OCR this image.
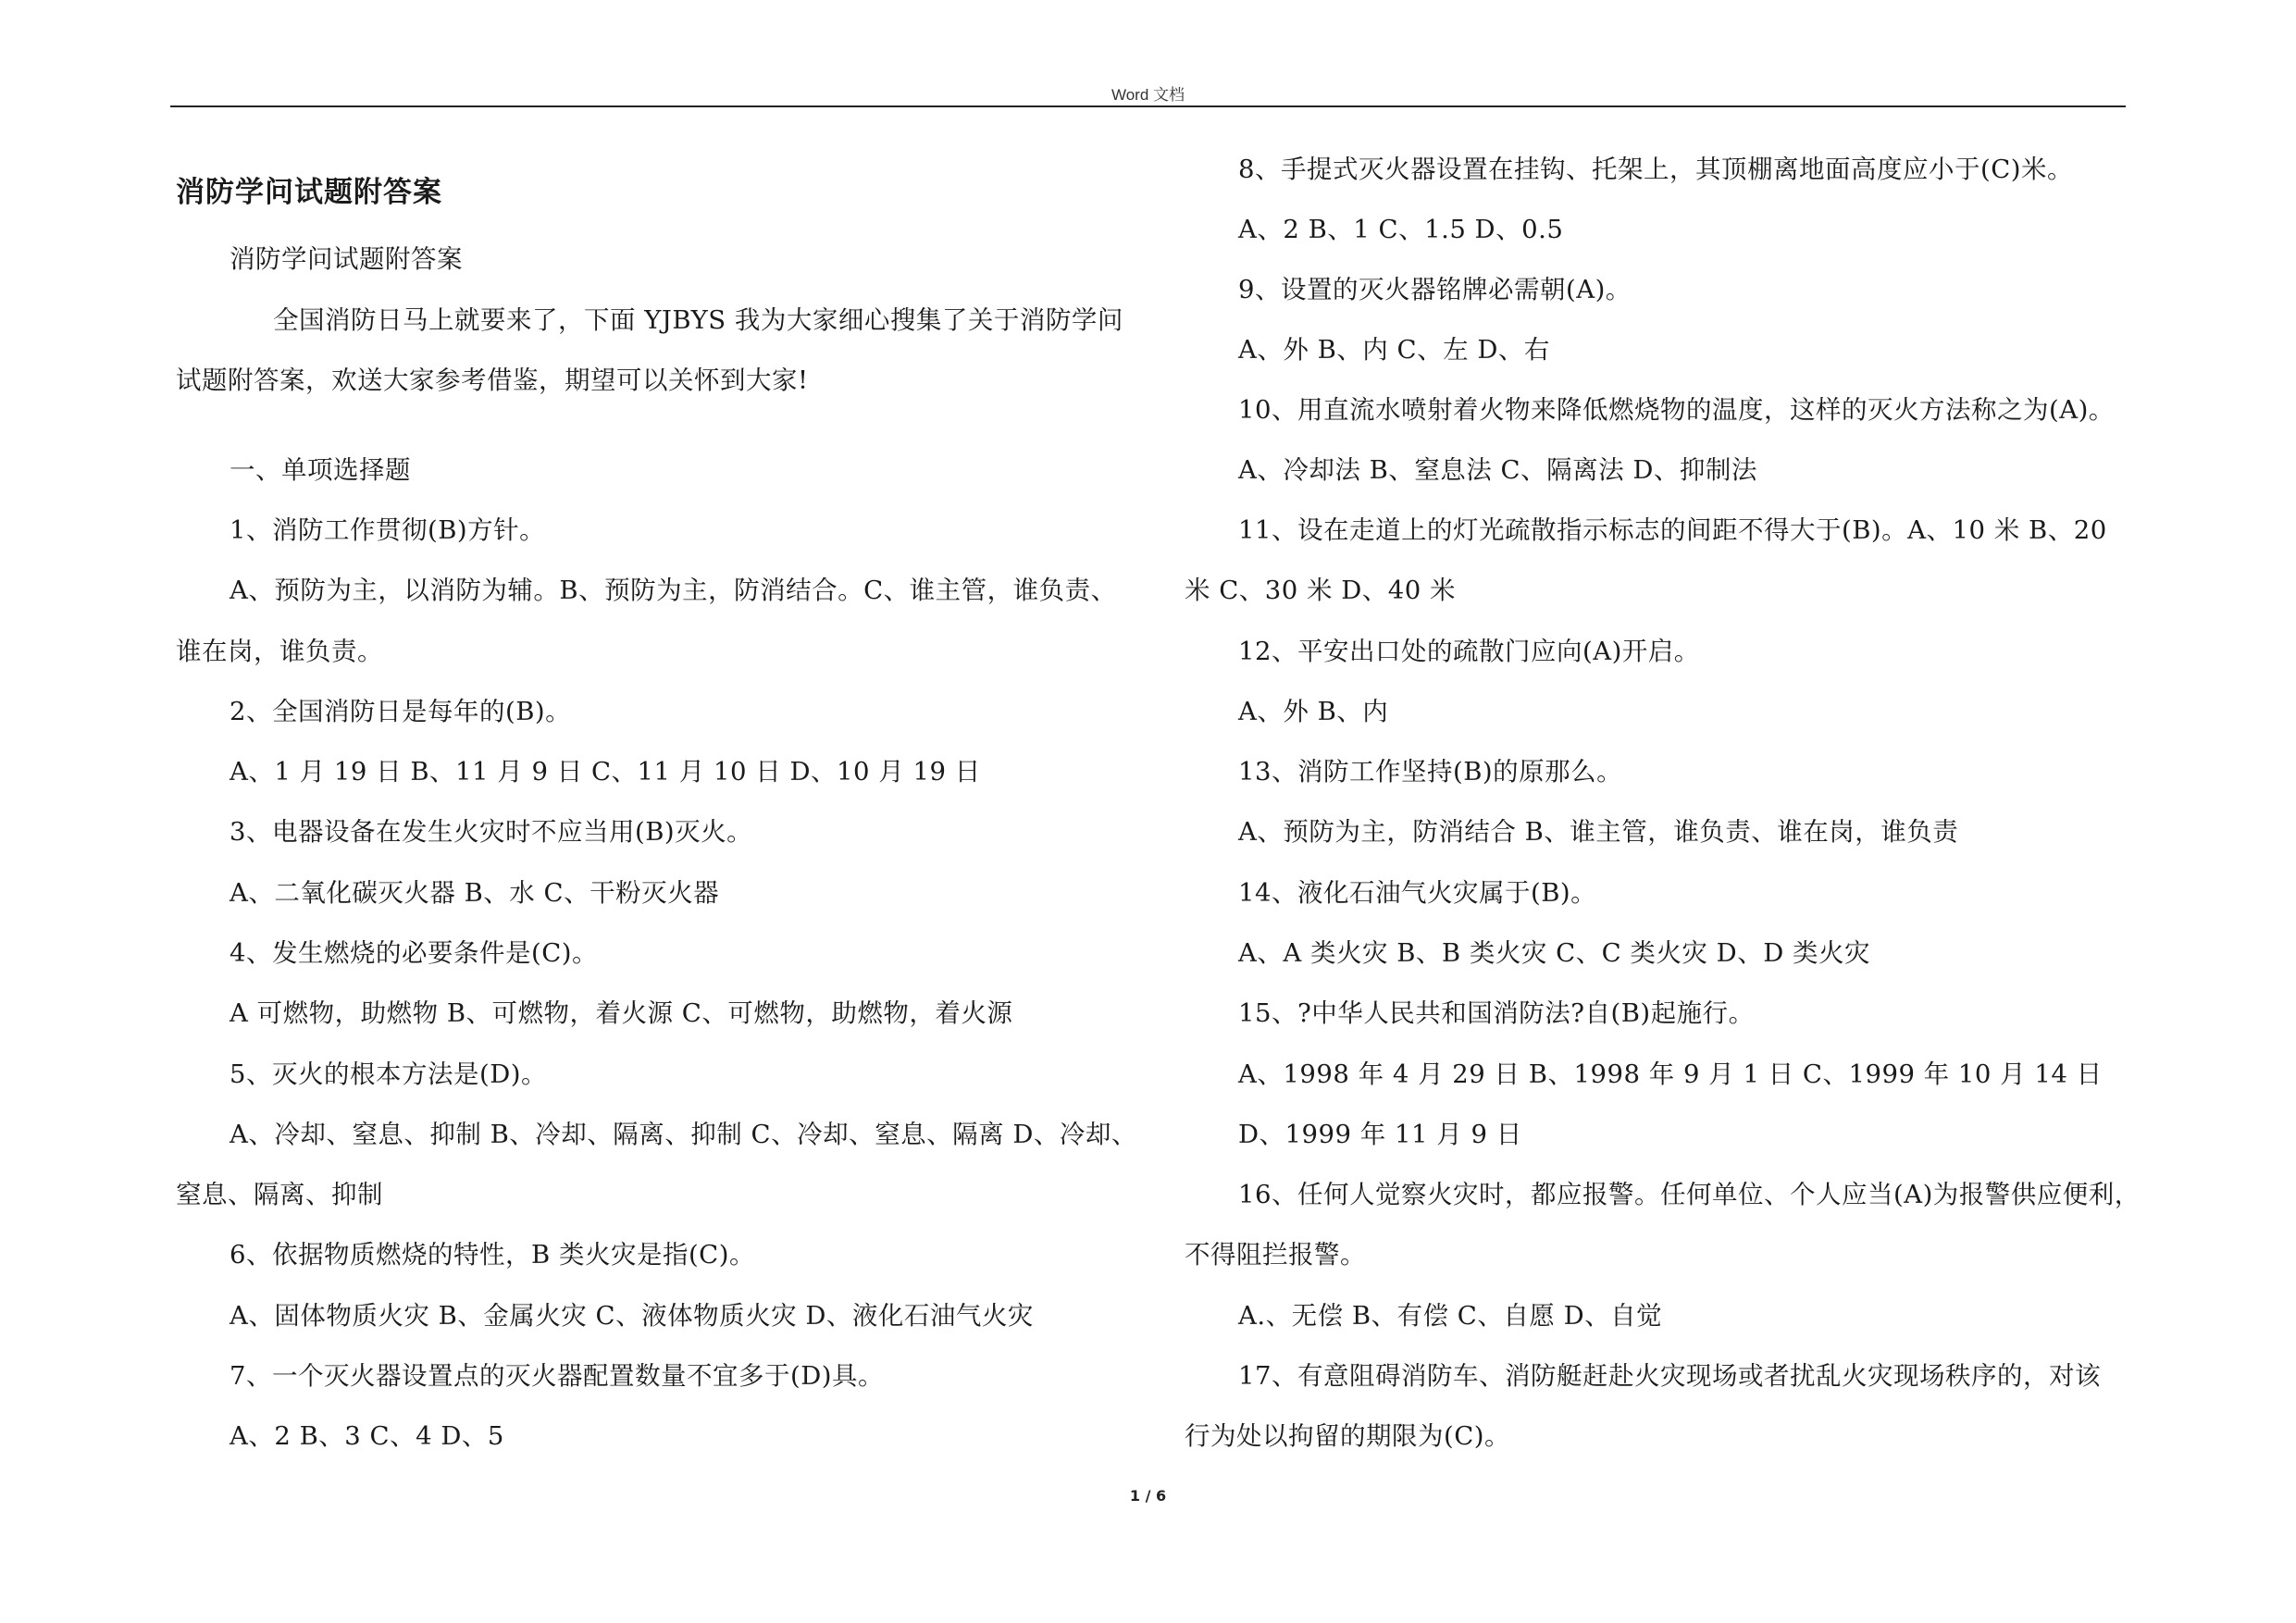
Word 文档
消防学问试题附答案
消防学问试题附答案
全国消防日马上就要来了，下面 YJBYS 我为大家细心搜集了关于消防学问
试题附答案，欢送大家参考借鉴，期望可以关怀到大家!
一、单项选择题
1、消防工作贯彻(B)方针。
A、预防为主，以消防为辅。B、预防为主，防消结合。C、谁主管，谁负责、
谁在岗，谁负责。
2、全国消防日是每年的(B)。
A、1 月 19 日 B、11 月 9 日 C、11 月 10 日 D、10 月 19 日
3、电器设备在发生火灾时不应当用(B)灭火。
A、二氧化碳灭火器 B、水 C、干粉灭火器
4、发生燃烧的必要条件是(C)。
A 可燃物，助燃物 B、可燃物，着火源 C、可燃物，助燃物，着火源
5、灭火的根本方法是(D)。
A、冷却、窒息、抑制 B、冷却、隔离、抑制 C、冷却、窒息、隔离 D、冷却、
窒息、隔离、抑制
6、依据物质燃烧的特性，B 类火灾是指(C)。
A、固体物质火灾 B、金属火灾 C、液体物质火灾 D、液化石油气火灾
7、一个灭火器设置点的灭火器配置数量不宜多于(D)具。
A、2 B、3 C、4 D、5
8、手提式灭火器设置在挂钩、托架上，其顶棚离地面高度应小于(C)米。
A、2 B、1 C、1.5 D、0.5
9、设置的灭火器铭牌必需朝(A)。
A、外 B、内 C、左 D、右
10、用直流水喷射着火物来降低燃烧物的温度，这样的灭火方法称之为(A)。
A、冷却法 B、窒息法 C、隔离法 D、抑制法
11、设在走道上的灯光疏散指示标志的间距不得大于(B)。A、10 米 B、20
米 C、30 米 D、40 米
12、平安出口处的疏散门应向(A)开启。
A、外 B、内
13、消防工作坚持(B)的原那么。
A、预防为主，防消结合 B、谁主管，谁负责、谁在岗，谁负责
14、液化石油气火灾属于(B)。
A、A 类火灾 B、B 类火灾 C、C 类火灾 D、D 类火灾
15、?中华人民共和国消防法?自(B)起施行。
A、1998 年 4 月 29 日 B、1998 年 9 月 1 日 C、1999 年 10 月 14 日
D、1999 年 11 月 9 日
16、任何人觉察火灾时，都应报警。任何单位、个人应当(A)为报警供应便利，
不得阻拦报警。
A.、无偿 B、有偿 C、自愿 D、自觉
17、有意阻碍消防车、消防艇赶赴火灾现场或者扰乱火灾现场秩序的，对该
行为处以拘留的期限为(C)。
1 / 6
